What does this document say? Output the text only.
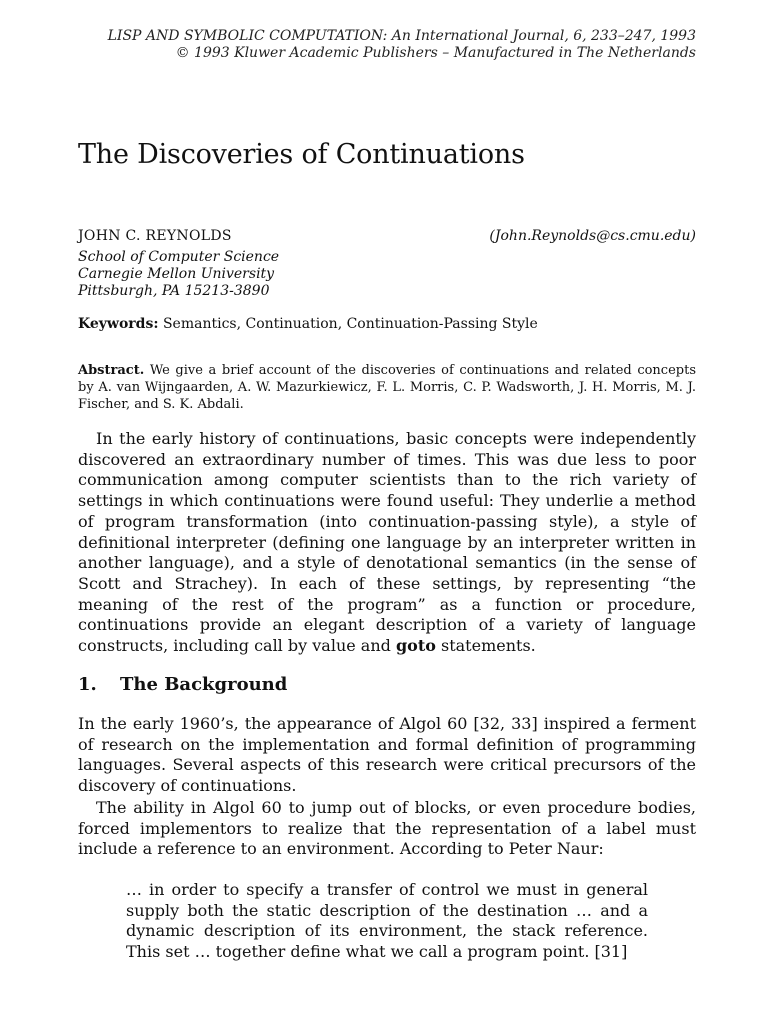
LISP AND SYMBOLIC COMPUTATION: An International Journal, 6, 233–247, 1993
© 1993 Kluwer Academic Publishers – Manufactured in The Netherlands
The Discoveries of Continuations
JOHN C. REYNOLDS	(John.Reynolds@cs.cmu.edu)
School of Computer Science
Carnegie Mellon University
Pittsburgh, PA 15213-3890
Keywords: Semantics, Continuation, Continuation-Passing Style
Abstract. We give a brief account of the discoveries of continuations and related concepts by A. van Wijngaarden, A. W. Mazurkiewicz, F. L. Morris, C. P. Wadsworth, J. H. Morris, M. J. Fischer, and S. K. Abdali.

In the early history of continuations, basic concepts were independently discovered an extraordinary number of times. This was due less to poor communication among computer scientists than to the rich variety of settings in which continuations were found useful: They underlie a method of program transformation (into continuation-passing style), a style of definitional interpreter (defining one language by an interpreter written in another language), and a style of denotational semantics (in the sense of Scott and Strachey). In each of these settings, by representing “the meaning of the rest of the program” as a function or procedure, continuations provide an elegant description of a variety of language constructs, including call by value and goto statements.

1. The Background

In the early 1960’s, the appearance of Algol 60 [32, 33] inspired a ferment of research on the implementation and formal definition of programming languages. Several aspects of this research were critical precursors of the discovery of continuations.

The ability in Algol 60 to jump out of blocks, or even procedure bodies, forced implementors to realize that the representation of a label must include a reference to an environment. According to Peter Naur:

… in order to specify a transfer of control we must in general supply both the static description of the destination … and a dynamic description of its environment, the stack reference. This set … together define what we call a program point. [31]
